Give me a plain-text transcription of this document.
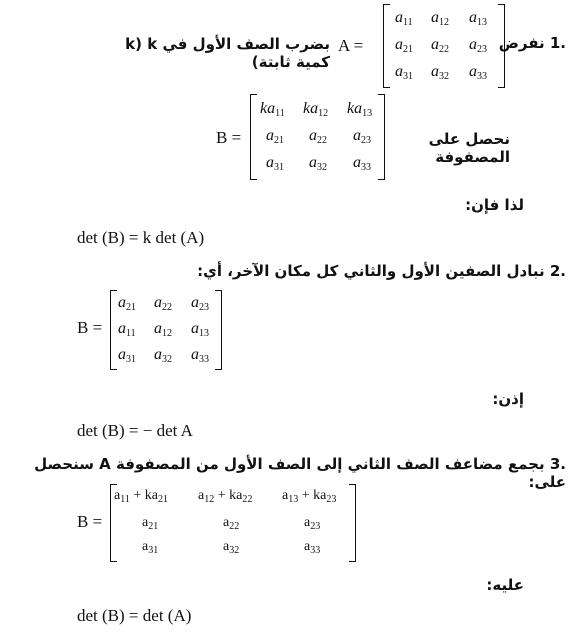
.1 نفرض
A =
بضرب الصف الأول في k (k كمية ثابتة)
$a_{11}$ $a_{12}$ $a_{13}$
$a_{21}$ $a_{22}$ $a_{23}$
$a_{31}$ $a_{32}$ $a_{33}$
B =
$ka_{11}$ $ka_{12}$ $ka_{13}$
$a_{21}$ $a_{22}$ $a_{23}$
$a_{31}$ $a_{32}$ $a_{33}$
نحصل على المصفوفة
لذا فإن:
det (B) = k det (A)
.2 نبادل الصفين الأول والثاني كل مكان الآخر، أي:
B =
$a_{21}$ $a_{22}$ $a_{23}$
$a_{11}$ $a_{12}$ $a_{13}$
$a_{31}$ $a_{32}$ $a_{33}$
إذن:
det (B) = − det A
.3 بجمع مضاعف الصف الثاني إلى الصف الأول من المصفوفة A سنحصل على:
B =
$a_{11} + ka_{21}$ $a_{12} + ka_{22}$ $a_{13} + ka_{23}$
$a_{21}$	$a_{22}$	$a_{23}$
$a_{31}$	$a_{32}$	$a_{33}$
عليه:
det (B) = det (A)
